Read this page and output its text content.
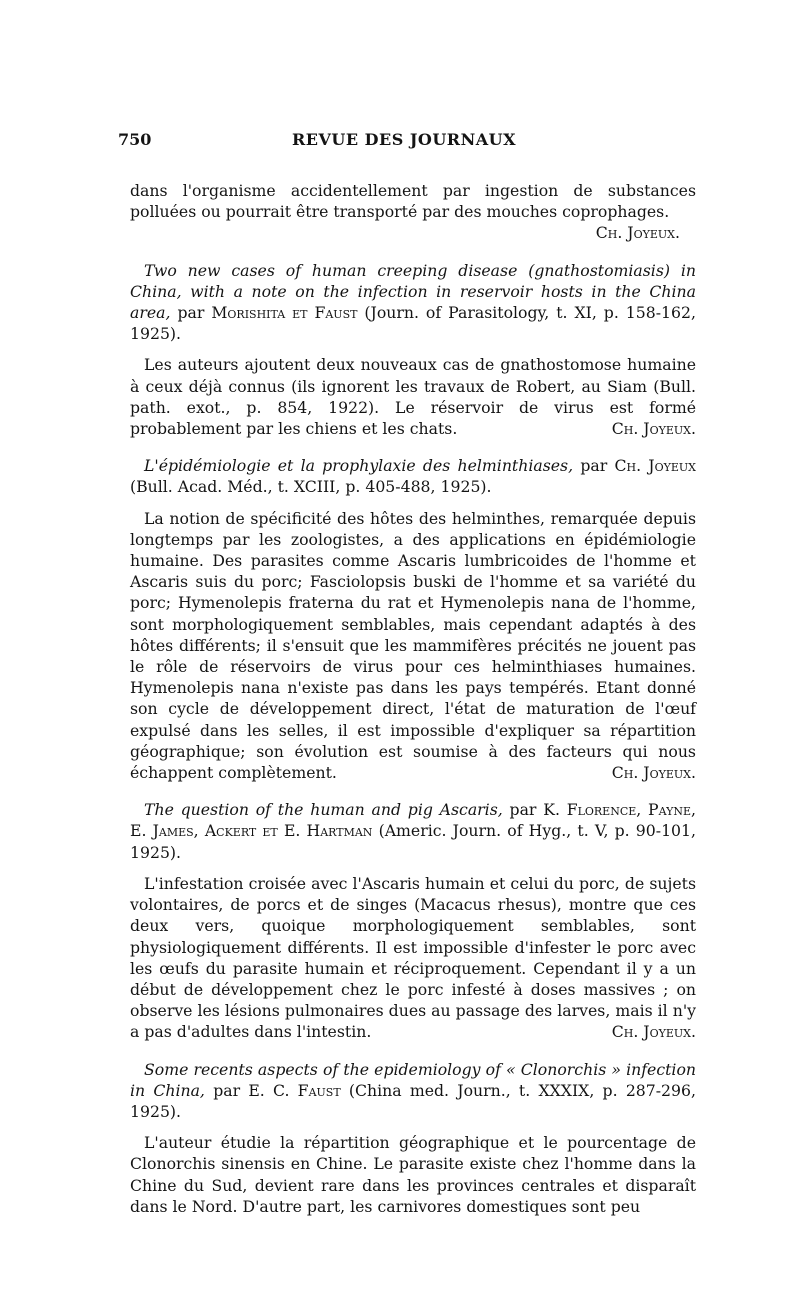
750	REVUE DES JOURNAUX

dans l'organisme accidentellement par ingestion de substances polluées ou pourrait être transporté par des mouches coprophages.

Ch. Joyeux.

Two new cases of human creeping disease (gnathostomiasis) in China, with a note on the infection in reservoir hosts in the China area, par Morishita et Faust (Journ. of Parasitology, t. XI, p. 158-162, 1925).

Les auteurs ajoutent deux nouveaux cas de gnathostomose humaine à ceux déjà connus (ils ignorent les travaux de Robert, au Siam (Bull. path. exot., p. 854, 1922). Le réservoir de virus est formé probablement par les chiens et les chats.	Ch. Joyeux.

L'épidémiologie et la prophylaxie des helminthiases, par Ch. Joyeux (Bull. Acad. Méd., t. XCIII, p. 405-488, 1925).

La notion de spécificité des hôtes des helminthes, remarquée depuis longtemps par les zoologistes, a des applications en épidémiologie humaine. Des parasites comme Ascaris lumbricoides de l'homme et Ascaris suis du porc; Fasciolopsis buski de l'homme et sa variété du porc; Hymenolepis fraterna du rat et Hymenolepis nana de l'homme, sont morphologiquement semblables, mais cependant adaptés à des hôtes différents; il s'ensuit que les mammifères précités ne jouent pas le rôle de réservoirs de virus pour ces helminthiases humaines. Hymenolepis nana n'existe pas dans les pays tempérés. Etant donné son cycle de développement direct, l'état de maturation de l'œuf expulsé dans les selles, il est impossible d'expliquer sa répartition géographique; son évolution est soumise à des facteurs qui nous échappent complètement.	Ch. Joyeux.

The question of the human and pig Ascaris, par K. Florence, Payne, E. James, Ackert et E. Hartman (Americ. Journ. of Hyg., t. V, p. 90-101, 1925).

L'infestation croisée avec l'Ascaris humain et celui du porc, de sujets volontaires, de porcs et de singes (Macacus rhesus), montre que ces deux vers, quoique morphologiquement semblables, sont physiologiquement différents. Il est impossible d'infester le porc avec les œufs du parasite humain et réciproquement. Cependant il y a un début de développement chez le porc infesté à doses massives ; on observe les lésions pulmonaires dues au passage des larves, mais il n'y a pas d'adultes dans l'intestin.	Ch. Joyeux.

Some recents aspects of the epidemiology of « Clonorchis » infection in China, par E. C. Faust (China med. Journ., t. XXXIX, p. 287-296, 1925).

L'auteur étudie la répartition géographique et le pourcentage de Clonorchis sinensis en Chine. Le parasite existe chez l'homme dans la Chine du Sud, devient rare dans les provinces centrales et disparaît dans le Nord. D'autre part, les carnivores domestiques sont peu
